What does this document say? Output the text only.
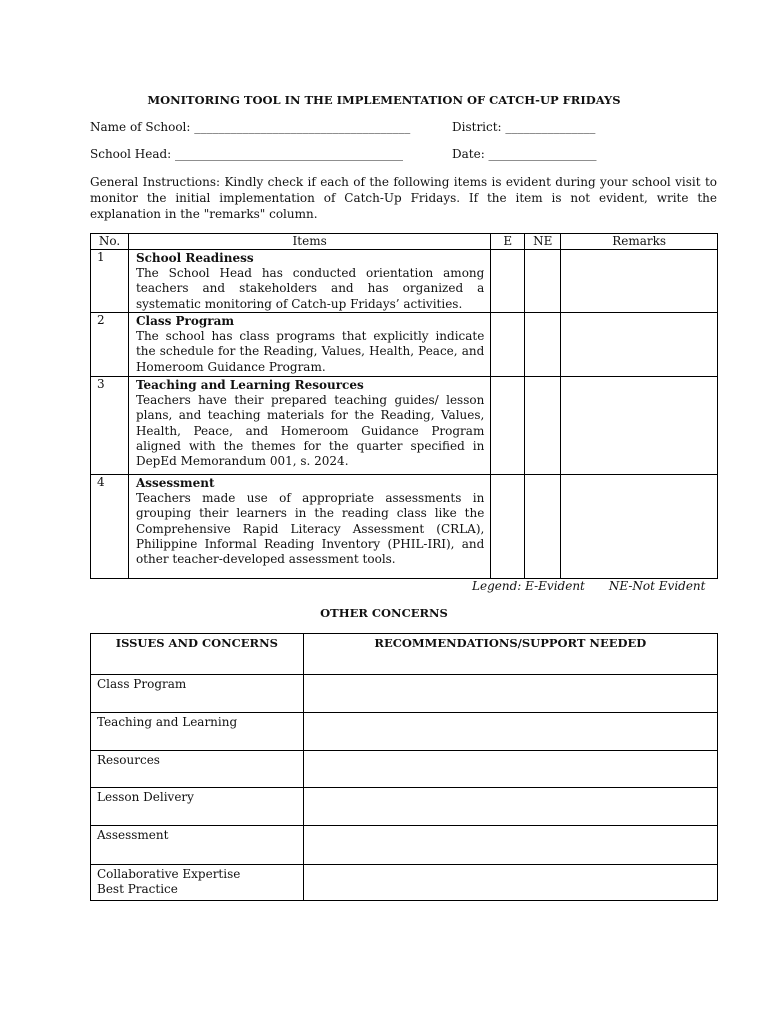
MONITORING TOOL IN THE IMPLEMENTATION OF CATCH-UP FRIDAYS
Name of School: ____________________________________	District: _______________
School Head: ______________________________________	Date: __________________
General Instructions: Kindly check if each of the following items is evident during your school visit to monitor the initial implementation of Catch-Up Fridays. If the item is not evident, write the explanation in the "remarks" column.
No.	Items	E	NE	Remarks
1	School Readiness
The School Head has conducted orientation among teachers and stakeholders and has organized a systematic monitoring of Catch-up Fridays’ activities.			

2	Class Program
The school has class programs that explicitly indicate the schedule for the Reading, Values, Health, Peace, and Homeroom Guidance Program.			

3	Teaching and Learning Resources
Teachers have their prepared teaching guides/ lesson plans, and teaching materials for the Reading, Values, Health, Peace, and Homeroom Guidance Program aligned with the themes for the quarter specified in DepEd Memorandum 001, s. 2024.			

4	Assessment
Teachers made use of appropriate assessments in grouping their learners in the reading class like the Comprehensive Rapid Literacy Assessment (CRLA), Philippine Informal Reading Inventory (PHIL-IRI), and other teacher-developed assessment tools.			

Legend: E-Evident NE-Not Evident
OTHER CONCERNS
ISSUES AND CONCERNS	RECOMMENDATIONS/SUPPORT NEEDED
Class Program	
Teaching and Learning	
Resources	
Lesson Delivery	
Assessment	

Collaborative Expertise
Best Practice	
